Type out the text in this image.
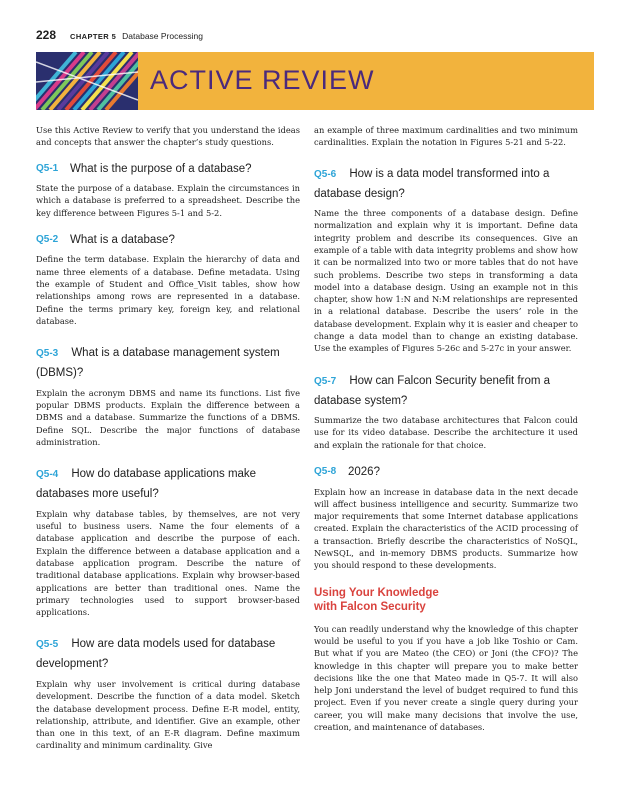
228 CHAPTER 5 Database Processing
ACTIVE REVIEW

Use this Active Review to verify that you understand the ideas and concepts that answer the chapter’s study questions.

Q5-1	What is the purpose of a database?

State the purpose of a database. Explain the circumstances in which a database is preferred to a spreadsheet. Describe the key difference between Figures 5-1 and 5-2.

Q5-2	What is a database?

Define the term database. Explain the hierarchy of data and name three elements of a database. Define metadata. Using the example of Student and Office_Visit tables, show how relationships among rows are represented in a database. Define the terms primary key, foreign key, and relational database.

Q5-3 What is a database management system (DBMS)?

Explain the acronym DBMS and name its functions. List five popular DBMS products. Explain the difference between a DBMS and a database. Summarize the functions of a DBMS. Define SQL. Describe the major functions of database administration.

Q5-4 How do database applications make databases more useful?

Explain why database tables, by themselves, are not very useful to business users. Name the four elements of a database application and describe the purpose of each. Explain the difference between a database application and a database application program. Describe the nature of traditional database applications. Explain why browser-based applications are better than traditional ones. Name the primary technologies used to support browser-based applications.

Q5-5 How are data models used for database development?

Explain why user involvement is critical during database development. Describe the function of a data model. Sketch the database development process. Define E-R model, entity, relationship, attribute, and identifier. Give an example, other than one in this text, of an E-R diagram. Define maximum cardinality and minimum cardinality. Give

an example of three maximum cardinalities and two minimum cardinalities. Explain the notation in Figures 5-21 and 5-22.

Q5-6 How is a data model transformed into a database design?

Name the three components of a database design. Define normalization and explain why it is important. Define data integrity problem and describe its consequences. Give an example of a table with data integrity problems and show how it can be normalized into two or more tables that do not have such problems. Describe two steps in transforming a data model into a database design. Using an example not in this chapter, show how 1:N and N:M relationships are represented in a relational database. Describe the users’ role in the database development. Explain why it is easier and cheaper to change a data model than to change an existing database. Use the examples of Figures 5-26c and 5-27c in your answer.

Q5-7 How can Falcon Security benefit from a database system?

Summarize the two database architectures that Falcon could use for its video database. Describe the architecture it used and explain the rationale for that choice.

Q5-8	2026?

Explain how an increase in database data in the next decade will affect business intelligence and security. Summarize two major requirements that some Internet database applications created. Explain the characteristics of the ACID processing of a transaction. Briefly describe the characteristics of NoSQL, NewSQL, and in-memory DBMS products. Summarize how you should respond to these developments.

Using Your Knowledge
with Falcon Security

You can readily understand why the knowledge of this chapter would be useful to you if you have a job like Toshio or Cam. But what if you are Mateo (the CEO) or Joni (the CFO)? The knowledge in this chapter will prepare you to make better decisions like the one that Mateo made in Q5-7. It will also help Joni understand the level of budget required to fund this project. Even if you never create a single query during your career, you will make many decisions that involve the use, creation, and maintenance of databases.
